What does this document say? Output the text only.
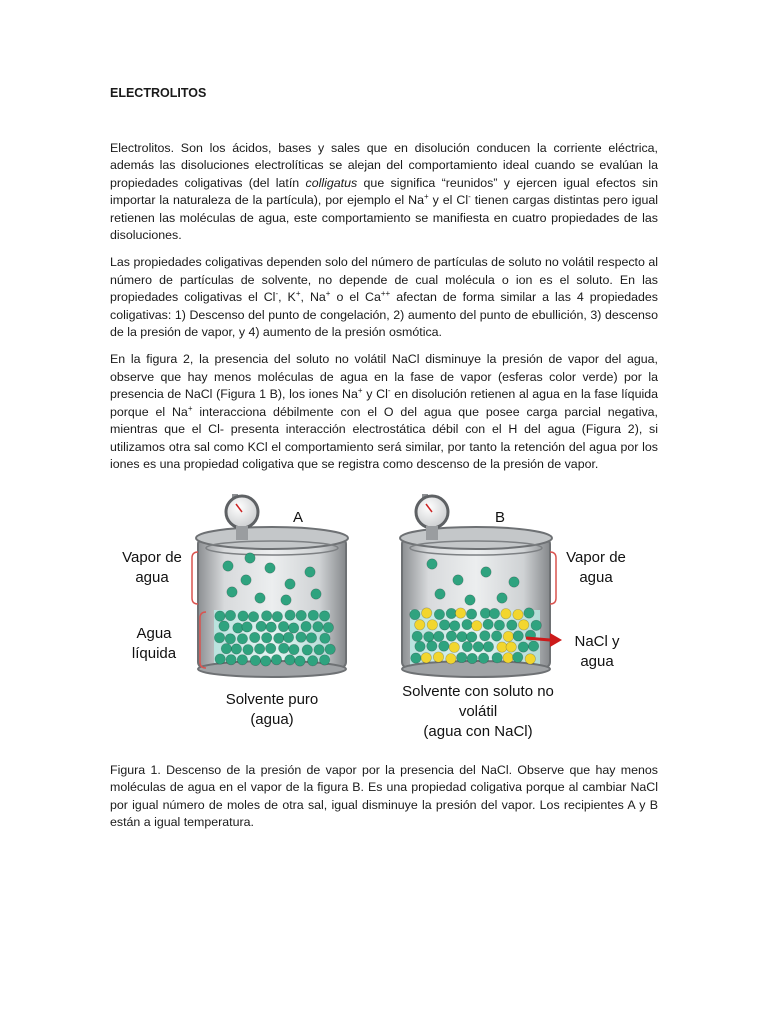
ELECTROLITOS

Electrolitos. Son los ácidos, bases y sales que en disolución conducen la corriente eléctrica, además las disoluciones electrolíticas se alejan del comportamiento ideal cuando se evalúan la propiedades coligativas (del latín colligatus que significa “reunidos” y ejercen igual efectos sin importar la naturaleza de la partícula), por ejemplo el Na+ y el Cl- tienen cargas distintas pero igual retienen las moléculas de agua, este comportamiento se manifiesta en cuatro propiedades de las disoluciones.

Las propiedades coligativas dependen solo del número de partículas de soluto no volátil respecto al número de partículas de solvente, no depende de cual molécula o ion es el soluto. En las propiedades coligativas el Cl-, K+, Na+ o el Ca++ afectan de forma similar a las 4 propiedades coligativas: 1) Descenso del punto de congelación, 2) aumento del punto de ebullición, 3) descenso de la presión de vapor, y 4) aumento de la presión osmótica.

En la figura 2, la presencia del soluto no volátil NaCl disminuye la presión de vapor del agua, observe que hay menos moléculas de agua en la fase de vapor (esferas color verde) por la presencia de NaCl (Figura 1 B), los iones Na+ y Cl- en disolución retienen al agua en la fase líquida porque el Na+ interacciona débilmente con el O del agua que posee carga parcial negativa, mientras que el Cl- presenta interacción electrostática débil con el H del agua (Figura 2), si utilizamos otra sal como KCl el comportamiento será similar, por tanto la retención del agua por los iones es una propiedad coligativa que se registra como descenso de la presión de vapor.

A	B
Vapor de
agua
Agua
líquida
Vapor de
agua
NaCl y
agua
Solvente puro
(agua)
Solvente con soluto no
volátil
(agua con NaCl)
Figura 1. Descenso de la presión de vapor por la presencia del NaCl. Observe que hay menos moléculas de agua en el vapor de la figura B. Es una propiedad coligativa porque al cambiar NaCl por igual número de moles de otra sal, igual disminuye la presión del vapor. Los recipientes A y B están a igual temperatura.
